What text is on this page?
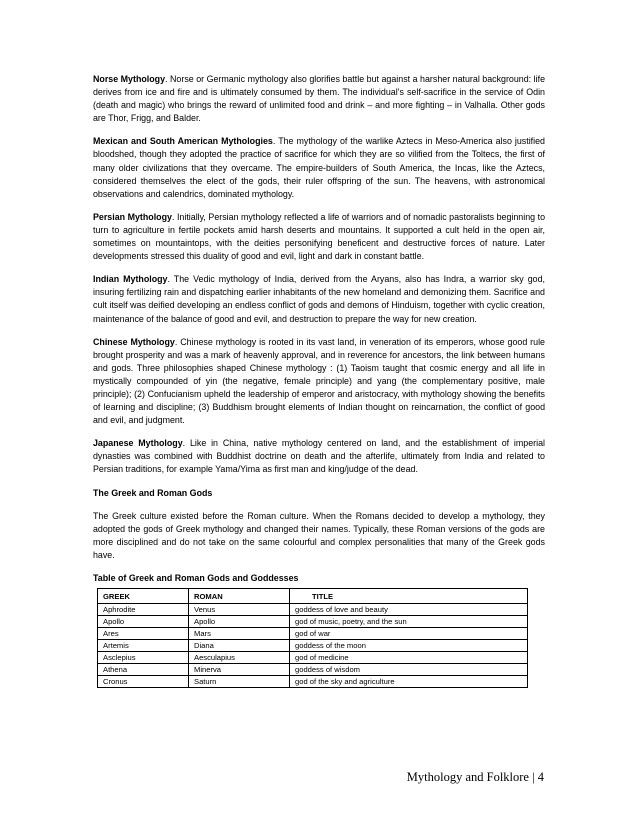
Norse Mythology. Norse or Germanic mythology also glorifies battle but against a harsher natural background: life derives from ice and fire and is ultimately consumed by them. The individual’s self-sacrifice in the service of Odin (death and magic) who brings the reward of unlimited food and drink – and more fighting – in Valhalla. Other gods are Thor, Frigg, and Balder.

Mexican and South American Mythologies. The mythology of the warlike Aztecs in Meso-America also justified bloodshed, though they adopted the practice of sacrifice for which they are so vilified from the Toltecs, the first of many older civilizations that they overcame. The empire-builders of South America, the Incas, like the Aztecs, considered themselves the elect of the gods, their ruler offspring of the sun. The heavens, with astronomical observations and calendrics, dominated mythology.

Persian Mythology. Initially, Persian mythology reflected a life of warriors and of nomadic pastoralists beginning to turn to agriculture in fertile pockets amid harsh deserts and mountains. It supported a cult held in the open air, sometimes on mountaintops, with the deities personifying beneficent and destructive forces of nature. Later developments stressed this duality of good and evil, light and dark in constant battle.

Indian Mythology. The Vedic mythology of India, derived from the Aryans, also has Indra, a warrior sky god, insuring fertilizing rain and dispatching earlier inhabitants of the new homeland and demonizing them. Sacrifice and cult itself was deified developing an endless conflict of gods and demons of Hinduism, together with cyclic creation, maintenance of the balance of good and evil, and destruction to prepare the way for new creation.

Chinese Mythology. Chinese mythology is rooted in its vast land, in veneration of its emperors, whose good rule brought prosperity and was a mark of heavenly approval, and in reverence for ancestors, the link between humans and gods. Three philosophies shaped Chinese mythology : (1) Taoism taught that cosmic energy and all life in mystically compounded of yin (the negative, female principle) and yang (the complementary positive, male principle); (2) Confucianism upheld the leadership of emperor and aristocracy, with mythology showing the benefits of learning and discipline; (3) Buddhism brought elements of Indian thought on reincarnation, the conflict of good and evil, and judgment.

Japanese Mythology. Like in China, native mythology centered on land, and the establishment of imperial dynasties was combined with Buddhist doctrine on death and the afterlife, ultimately from India and related to Persian traditions, for example Yama/Yima as first man and king/judge of the dead.

The Greek and Roman Gods

The Greek culture existed before the Roman culture. When the Romans decided to develop a mythology, they adopted the gods of Greek mythology and changed their names. Typically, these Roman versions of the gods are more disciplined and do not take on the same colourful and complex personalities that many of the Greek gods have.

Table of Greek and Roman Gods and Goddesses
GREEK	ROMAN	TITLE
Aphrodite	Venus	goddess of love and beauty
Apollo	Apollo	god of music, poetry, and the sun
Ares	Mars	god of war
Artemis	Diana	goddess of the moon
Asclepius	Aesculapius	god of medicine
Athena	Minerva	goddess of wisdom
Cronus	Saturn	god of the sky and agriculture
Mythology and Folklore | 4
